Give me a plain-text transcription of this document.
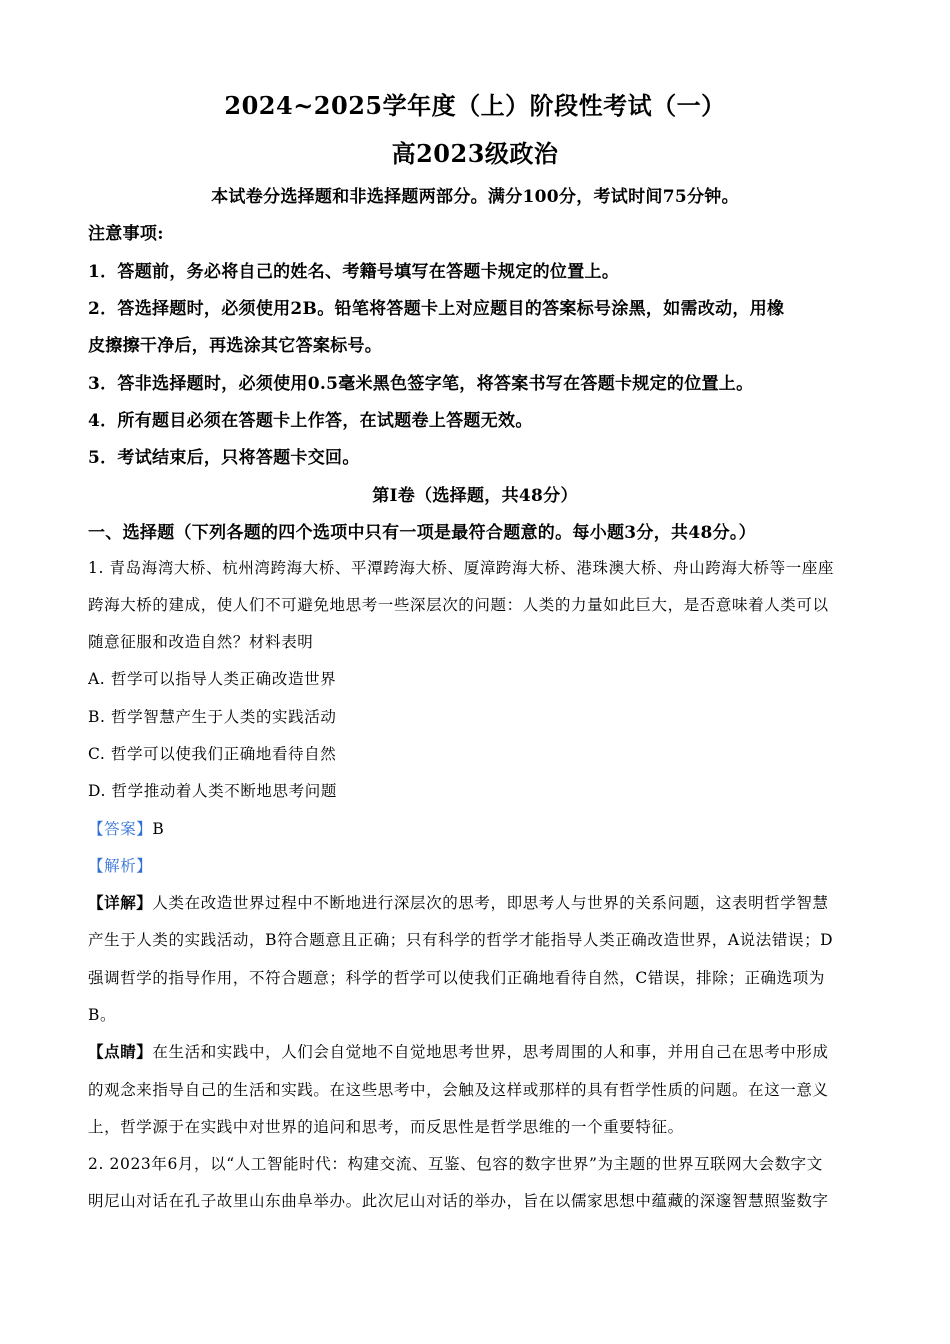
2024~2025学年度（上）阶段性考试（一）
高2023级政治
本试卷分选择题和非选择题两部分。满分100分，考试时间75分钟。
注意事项:
1．答题前，务必将自己的姓名、考籍号填写在答题卡规定的位置上。
2．答选择题时，必须使用2B。铅笔将答题卡上对应题目的答案标号涂黑，如需改动，用橡
皮擦擦干净后，再选涂其它答案标号。
3．答非选择题时，必须使用0.5毫米黑色签字笔，将答案书写在答题卡规定的位置上。
4．所有题目必须在答题卡上作答，在试题卷上答题无效。
5．考试结束后，只将答题卡交回。
第Ⅰ卷（选择题，共48分）
一、选择题（下列各题的四个选项中只有一项是最符合题意的。每小题3分，共48分。）
1. 青岛海湾大桥、杭州湾跨海大桥、平潭跨海大桥、厦漳跨海大桥、港珠澳大桥、舟山跨海大桥等一座座
跨海大桥的建成，使人们不可避免地思考一些深层次的问题：人类的力量如此巨大，是否意味着人类可以
随意征服和改造自然？材料表明
A. 哲学可以指导人类正确改造世界
B. 哲学智慧产生于人类的实践活动
C. 哲学可以使我们正确地看待自然
D. 哲学推动着人类不断地思考问题
【答案】B
【解析】
【详解】人类在改造世界过程中不断地进行深层次的思考，即思考人与世界的关系问题，这表明哲学智慧
产生于人类的实践活动，B符合题意且正确；只有科学的哲学才能指导人类正确改造世界，A说法错误；D
强调哲学的指导作用，不符合题意；科学的哲学可以使我们正确地看待自然，C错误，排除；正确选项为
B。
【点睛】在生活和实践中，人们会自觉地不自觉地思考世界，思考周围的人和事，并用自己在思考中形成
的观念来指导自己的生活和实践。在这些思考中，会触及这样或那样的具有哲学性质的问题。在这一意义
上，哲学源于在实践中对世界的追问和思考，而反思性是哲学思维的一个重要特征。
2. 2023年6月，以“人工智能时代：构建交流、互鉴、包容的数字世界”为主题的世界互联网大会数字文
明尼山对话在孔子故里山东曲阜举办。此次尼山对话的举办，旨在以儒家思想中蕴藏的深邃智慧照鉴数字
